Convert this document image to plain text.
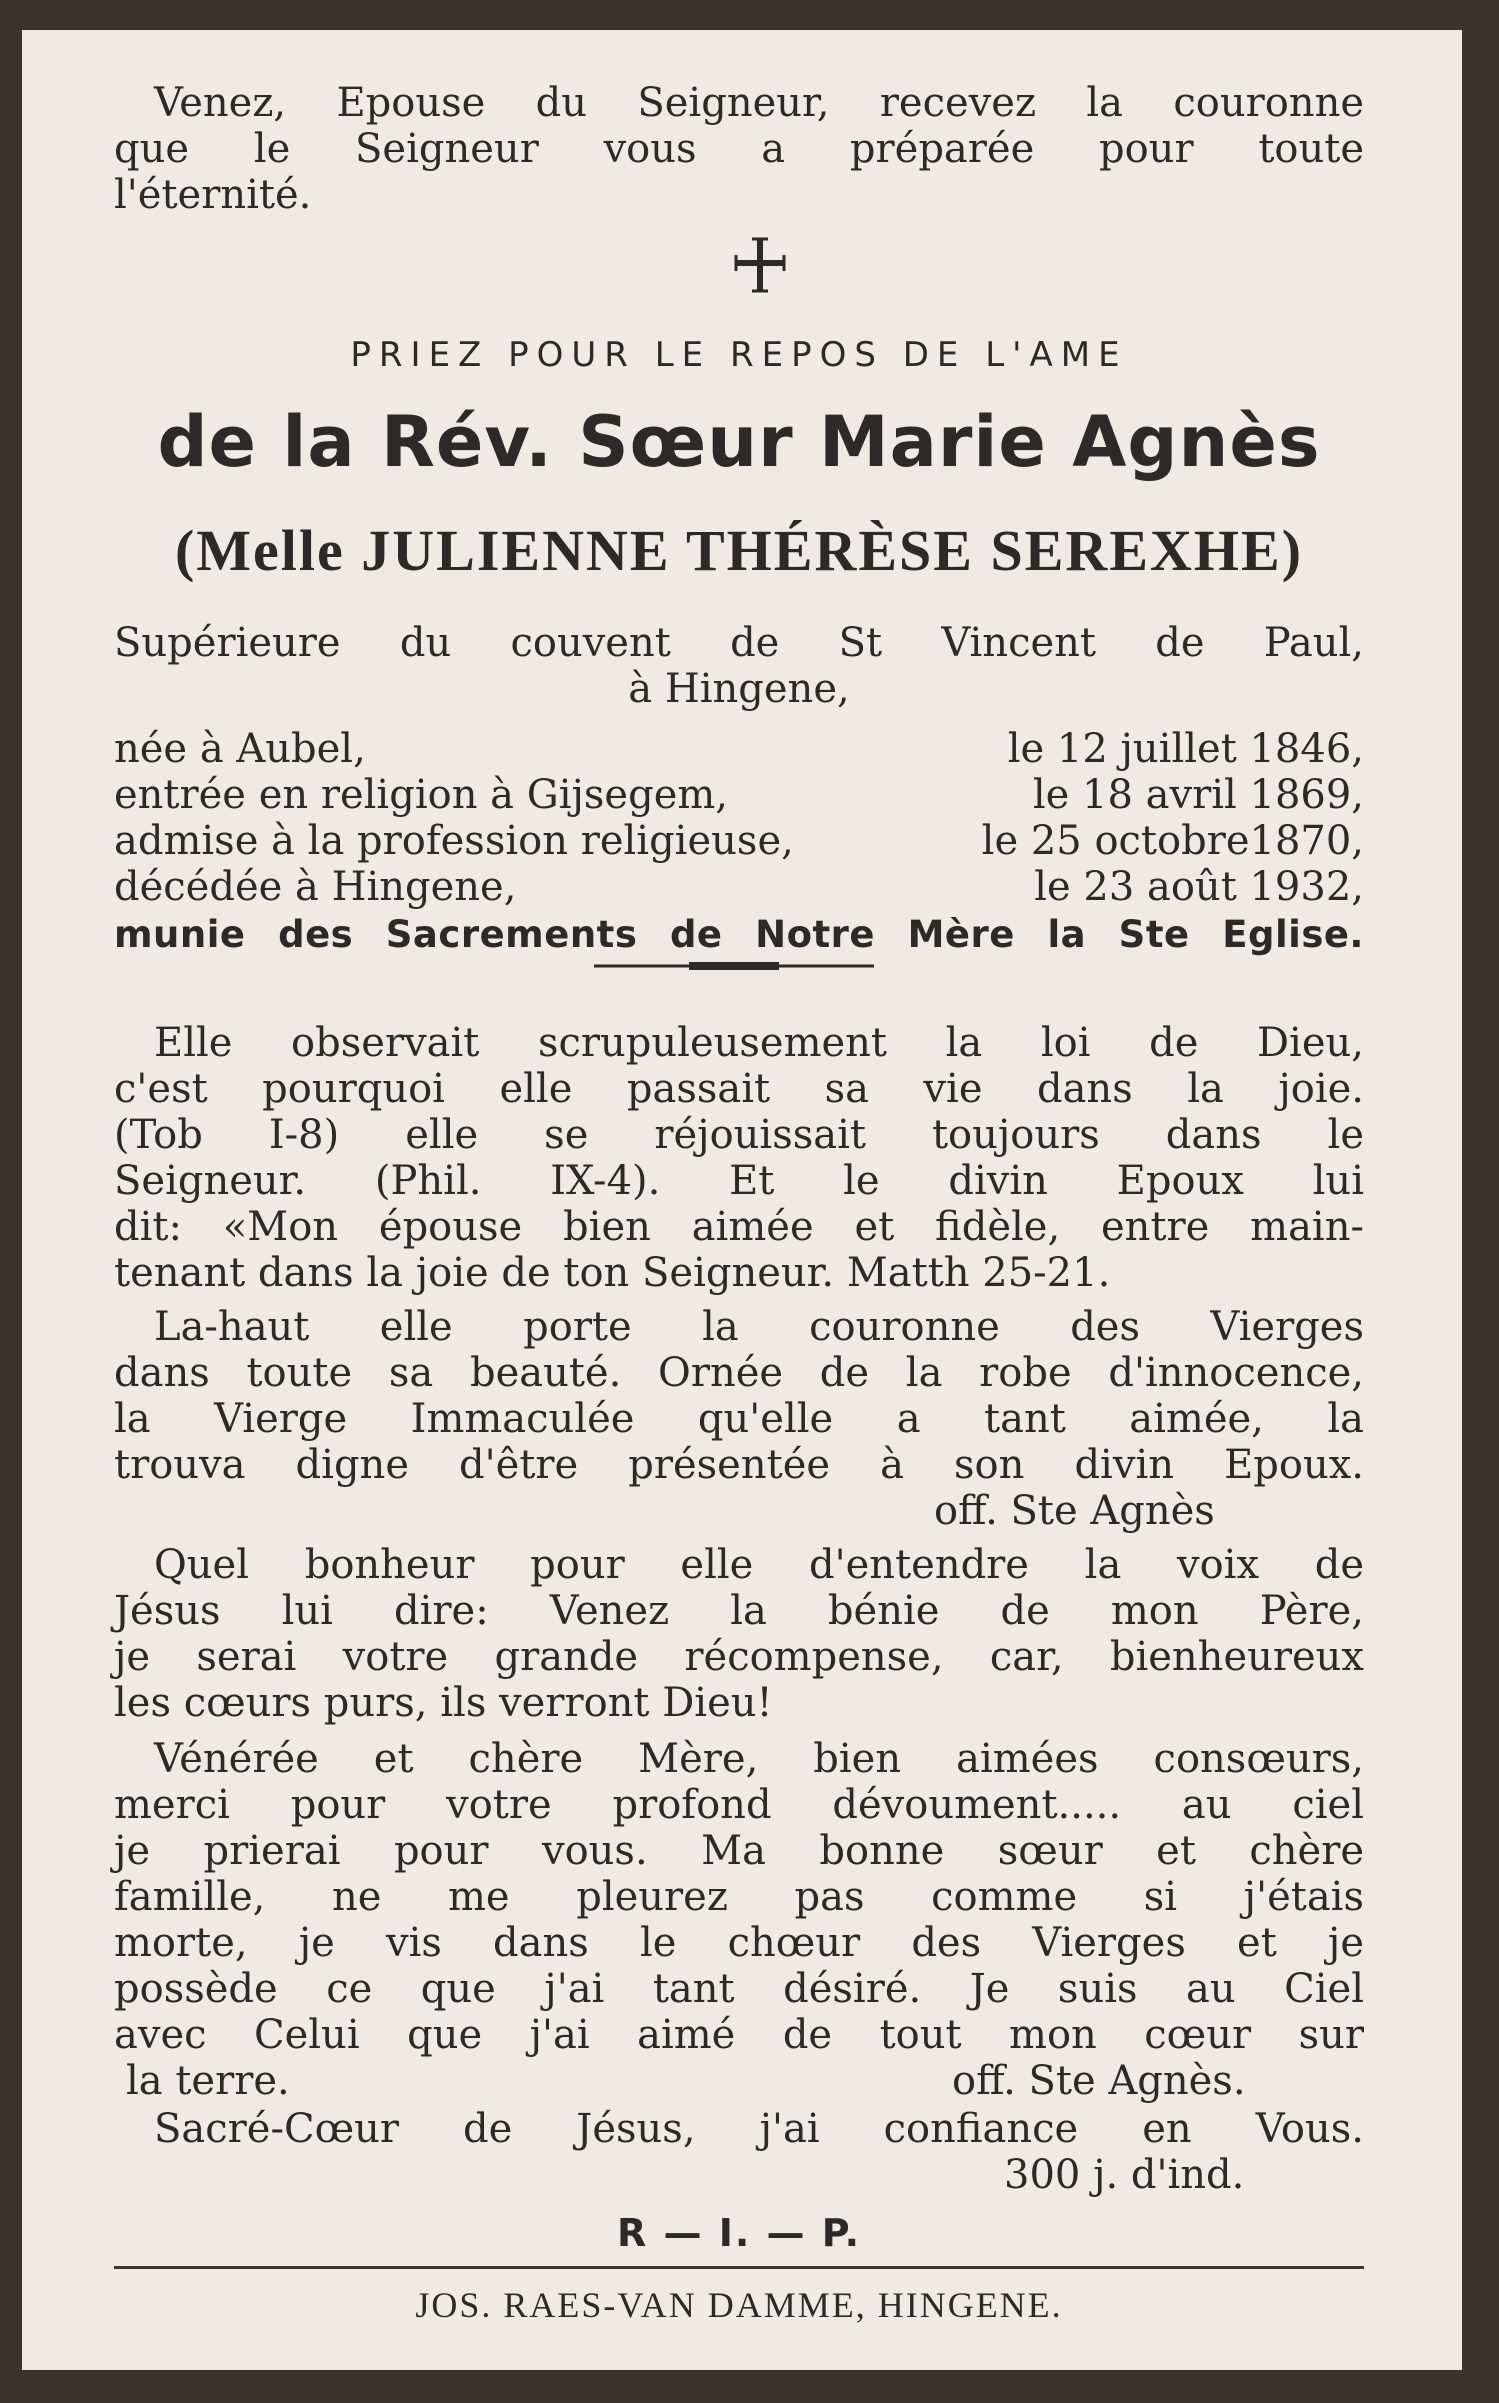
Venez, Epouse du Seigneur, recevez la couronne
que le Seigneur vous a préparée pour toute
l'éternité.
PRIEZ POUR LE REPOS DE L'AME
de la Rév. Sœur Marie Agnès
(Melle JULIENNE THÉRÈSE SEREXHE)
Supérieure du couvent de St Vincent de Paul,
à Hingene,
née à Aubel,	le 12 juillet 1846,
entrée en religion à Gijsegem,	le 18 avril 1869,
admise à la profession religieuse,	le 25 octobre1870,
décédée à Hingene,	le 23 août 1932,
munie des Sacrements de Notre Mère la Ste Eglise.
Elle observait scrupuleusement la loi de Dieu,
c'est pourquoi elle passait sa vie dans la joie.
(Tob I-8) elle se réjouissait toujours dans le
Seigneur. (Phil. IX-4). Et le divin Epoux lui
dit: «Mon épouse bien aimée et fidèle, entre main-
tenant dans la joie de ton Seigneur. Matth 25-21.
La-haut elle porte la couronne des Vierges
dans toute sa beauté. Ornée de la robe d'innocence,
la Vierge Immaculée qu'elle a tant aimée, la
trouva digne d'être présentée à son divin Epoux.
off. Ste Agnès
Quel bonheur pour elle d'entendre la voix de
Jésus lui dire: Venez la bénie de mon Père,
je serai votre grande récompense, car, bienheureux
les cœurs purs, ils verront Dieu!
Vénérée et chère Mère, bien aimées consœurs,
merci pour votre profond dévoument..... au ciel
je prierai pour vous. Ma bonne sœur et chère
famille, ne me pleurez pas comme si j'étais
morte, je vis dans le chœur des Vierges et je
possède ce que j'ai tant désiré. Je suis au Ciel
avec Celui que j'ai aimé de tout mon cœur sur
la terre.	off. Ste Agnès.
Sacré-Cœur de Jésus, j'ai confiance en Vous.
300 j. d'ind.
R — I. — P.
JOS. RAES-VAN DAMME, HINGENE.
